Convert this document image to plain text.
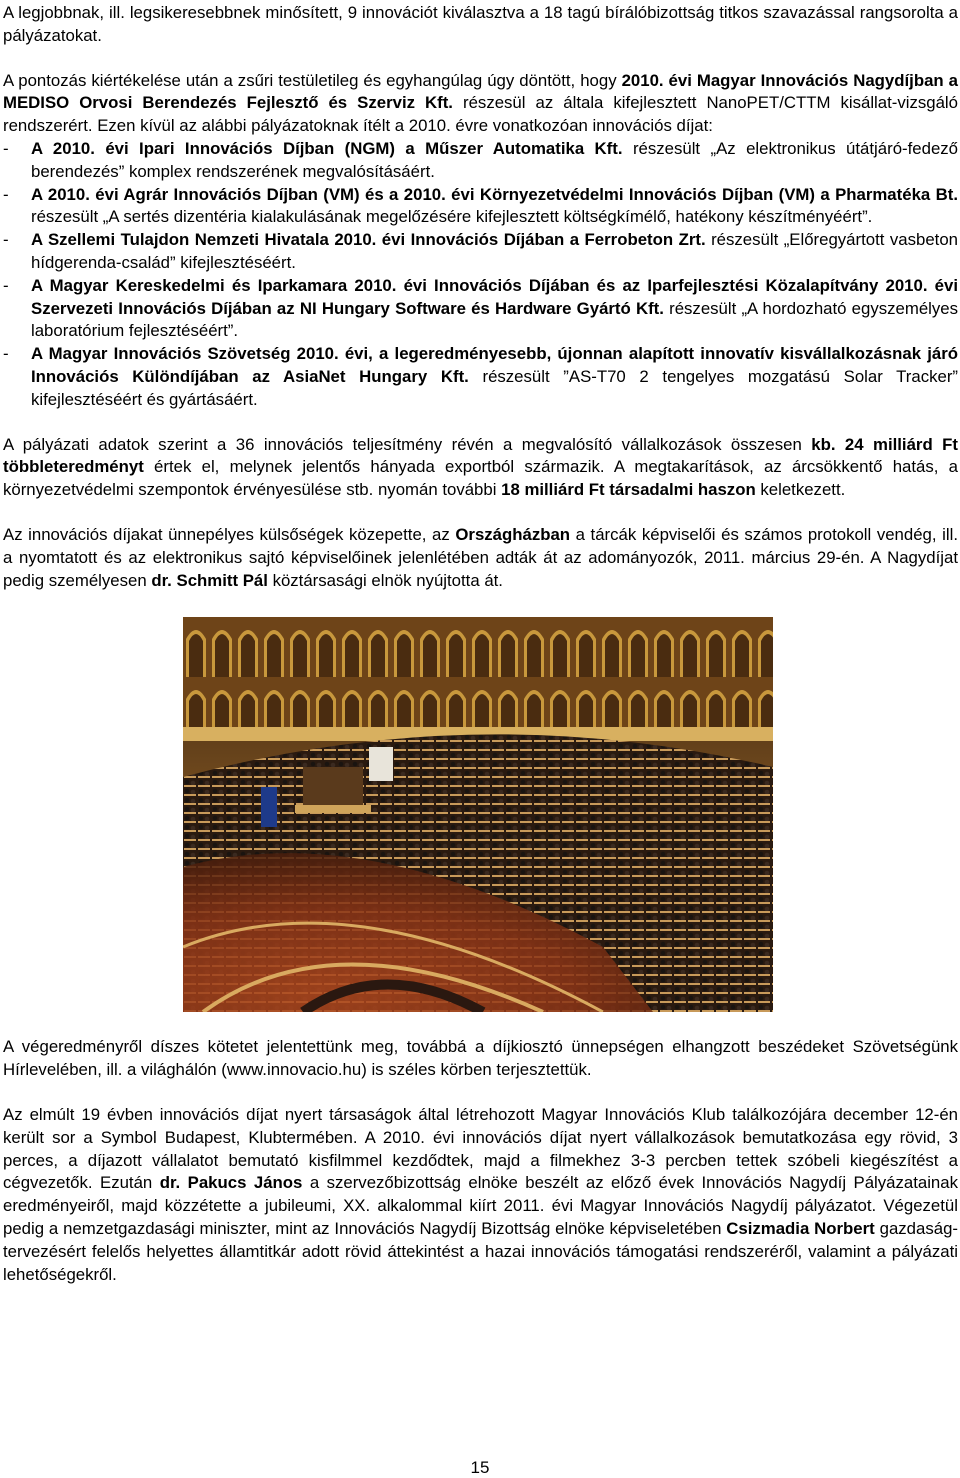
A legjobbnak, ill. legsikeresebbnek minősített, 9 innovációt kiválasztva a 18 tagú bírálóbizottság titkos szavazással rangsorolta a pályázatokat.

A pontozás kiértékelése után a zsűri testületileg és egyhangúlag úgy döntött, hogy 2010. évi Magyar Innovációs Nagydíjban a MEDISO Orvosi Berendezés Fejlesztő és Szerviz Kft. részesül az általa kifejlesztett NanoPET/CTTM kisállat-vizsgáló rendszerért. Ezen kívül az alábbi pályázatoknak ítélt a 2010. évre vonatkozóan innovációs díjat:

- A 2010. évi Ipari Innovációs Díjban (NGM) a Műszer Automatika Kft. részesült „Az elektronikus útátjáró-fedező berendezés” komplex rendszerének megvalósításáért.
- A 2010. évi Agrár Innovációs Díjban (VM) és a 2010. évi Környezetvédelmi Innovációs Díjban (VM) a Pharmatéka Bt. részesült „A sertés dizentéria kialakulásának megelőzésére kifejlesztett költségkímélő, hatékony készítményéért”.
- A Szellemi Tulajdon Nemzeti Hivatala 2010. évi Innovációs Díjában a Ferrobeton Zrt. részesült „Előregyártott vasbeton hídgerenda-család” kifejlesztéséért.
- A Magyar Kereskedelmi és Iparkamara 2010. évi Innovációs Díjában és az Iparfejlesztési Közalapítvány 2010. évi Szervezeti Innovációs Díjában az NI Hungary Software és Hardware Gyártó Kft. részesült „A hordozható egyszemélyes laboratórium fejlesztéséért”.
- A Magyar Innovációs Szövetség 2010. évi, a legeredményesebb, újonnan alapított innovatív kisvállalkozásnak járó Innovációs Különdíjában az AsiaNet Hungary Kft. részesült ”AS-T70 2 tengelyes mozgatású Solar Tracker” kifejlesztéséért és gyártásáért.

A pályázati adatok szerint a 36 innovációs teljesítmény révén a megvalósító vállalkozások összesen kb. 24 milliárd Ft többleteredményt értek el, melynek jelentős hányada exportból származik. A megtakarítások, az árcsökkentő hatás, a környezetvédelmi szempontok érvényesülése stb. nyomán további 18 milliárd Ft társadalmi haszon keletkezett.

Az innovációs díjakat ünnepélyes külsőségek közepette, az Országházban a tárcák képviselői és számos protokoll vendég, ill. a nyomtatott és az elektronikus sajtó képviselőinek jelenlétében adták át az adományozók, 2011. március 29-én. A Nagydíjat pedig személyesen dr. Schmitt Pál köztársasági elnök nyújtotta át.

A végeredményről díszes kötetet jelentettünk meg, továbbá a díjkiosztó ünnepségen elhangzott beszédeket Szövetségünk Hírlevelében, ill. a világhálón (www.innovacio.hu) is széles körben terjesztettük.

Az elmúlt 19 évben innovációs díjat nyert társaságok által létrehozott Magyar Innovációs Klub találkozójára december 12-én került sor a Symbol Budapest, Klubtermében. A 2010. évi innovációs díjat nyert vállalkozások bemutatkozása egy rövid, 3 perces, a díjazott vállalatot bemutató kisfilmmel kezdődtek, majd a filmekhez 3-3 percben tettek szóbeli kiegészítést a cégvezetők. Ezután dr. Pakucs János a szervezőbizottság elnöke beszélt az előző évek Innovációs Nagydíj Pályázatainak eredményeiről, majd közzétette a jubileumi, XX. alkalommal kiírt 2011. évi Magyar Innovációs Nagydíj pályázatot. Végezetül pedig a nemzetgazdasági miniszter, mint az Innovációs Nagydíj Bizottság elnöke képviseletében Csizmadia Norbert gazdaság-tervezésért felelős helyettes államtitkár adott rövid áttekintést a hazai innovációs támogatási rendszeréről, valamint a pályázati lehetőségekről.

15
